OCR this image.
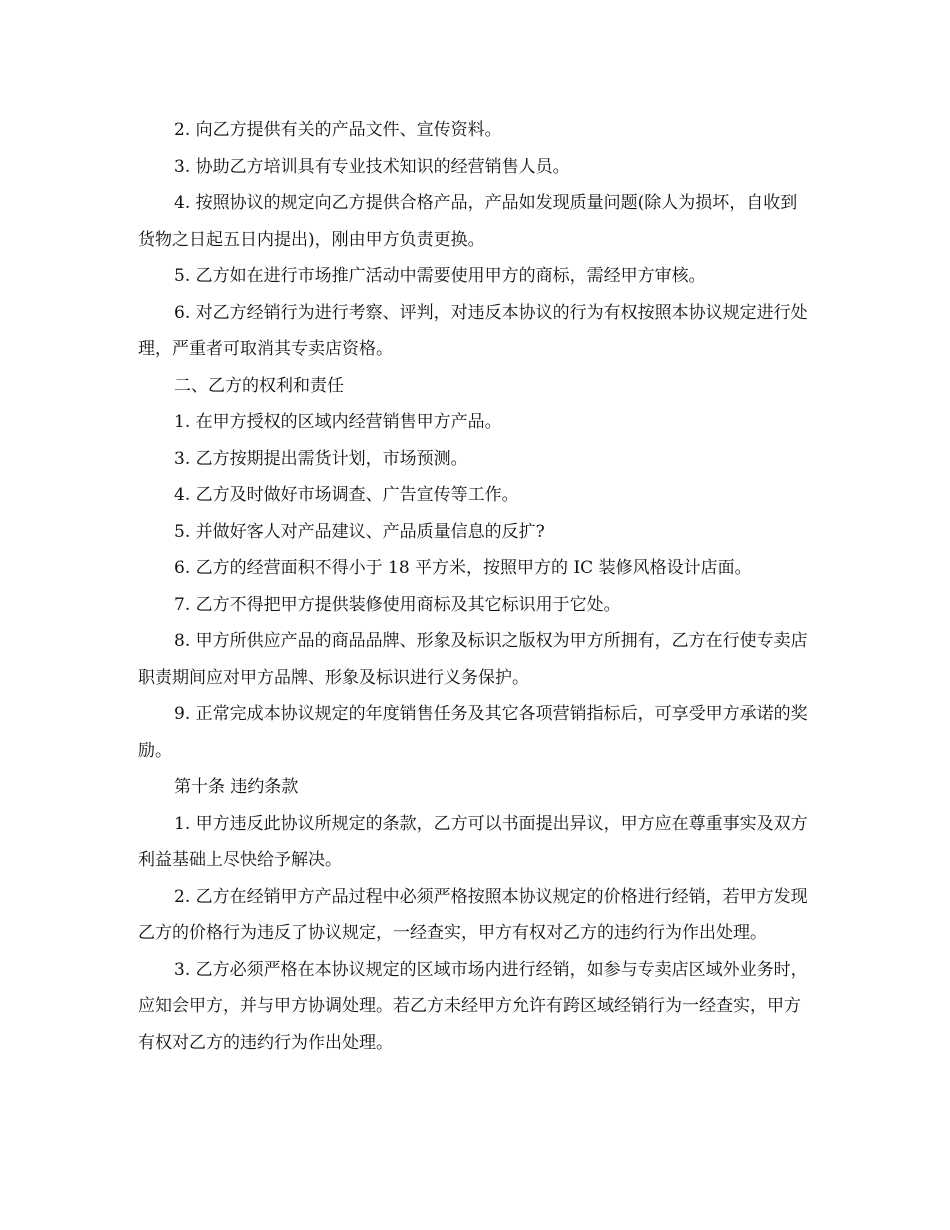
2. 向乙方提供有关的产品文件、宣传资料。

3. 协助乙方培训具有专业技术知识的经营销售人员。

4. 按照协议的规定向乙方提供合格产品，产品如发现质量问题(除人为损坏，自收到货物之日起五日内提出)，刚由甲方负责更换。

5. 乙方如在进行市场推广活动中需要使用甲方的商标，需经甲方审核。

6. 对乙方经销行为进行考察、评判，对违反本协议的行为有权按照本协议规定进行处理，严重者可取消其专卖店资格。

二、乙方的权利和责任

1. 在甲方授权的区域内经营销售甲方产品。

3. 乙方按期提出需货计划，市场预测。

4. 乙方及时做好市场调查、广告宣传等工作。

5. 并做好客人对产品建议、产品质量信息的反扩?

6. 乙方的经营面积不得小于 18 平方米，按照甲方的 IC 装修风格设计店面。

7. 乙方不得把甲方提供装修使用商标及其它标识用于它处。

8. 甲方所供应产品的商品品牌、形象及标识之版权为甲方所拥有，乙方在行使专卖店职责期间应对甲方品牌、形象及标识进行义务保护。

9. 正常完成本协议规定的年度销售任务及其它各项营销指标后，可享受甲方承诺的奖励。

第十条 违约条款

1. 甲方违反此协议所规定的条款，乙方可以书面提出异议，甲方应在尊重事实及双方利益基础上尽快给予解决。

2. 乙方在经销甲方产品过程中必须严格按照本协议规定的价格进行经销，若甲方发现乙方的价格行为违反了协议规定，一经查实，甲方有权对乙方的违约行为作出处理。

3. 乙方必须严格在本协议规定的区域市场内进行经销，如参与专卖店区域外业务时，应知会甲方，并与甲方协调处理。若乙方未经甲方允许有跨区域经销行为一经查实，甲方有权对乙方的违约行为作出处理。
